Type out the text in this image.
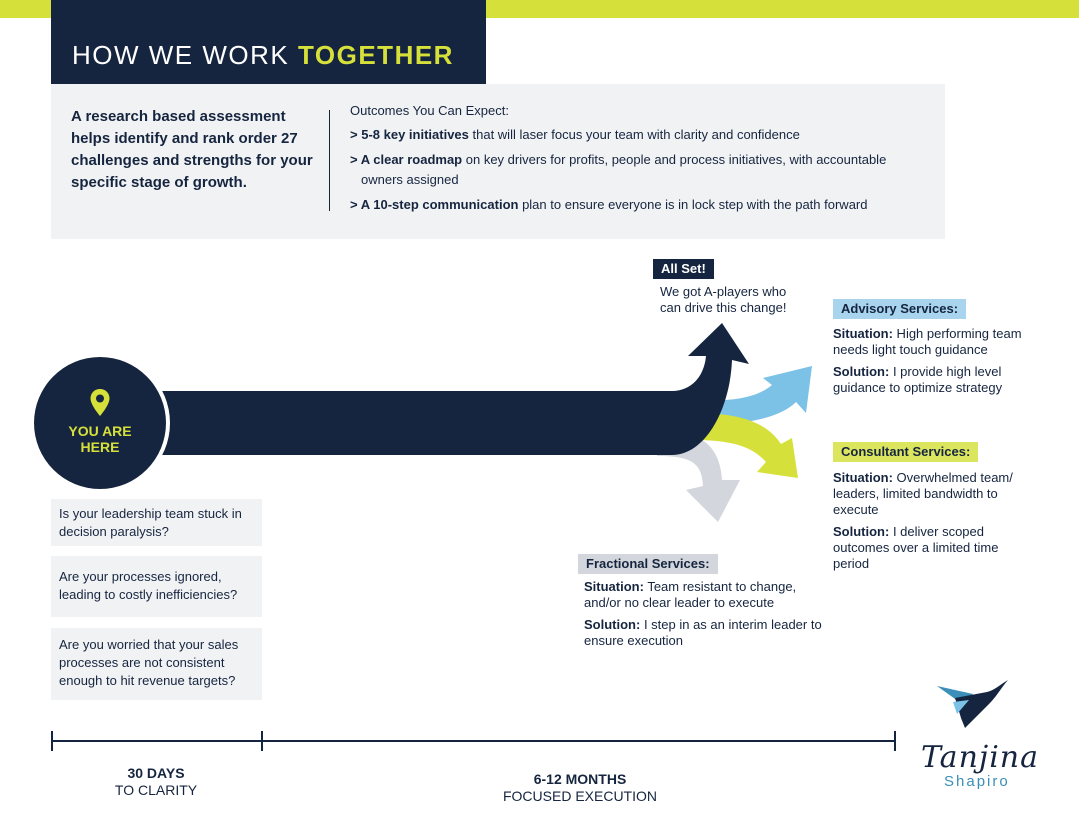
HOW WE WORK TOGETHER
A research based assessment helps identify and rank order 27 challenges and strengths for your specific stage of growth.
Outcomes You Can Expect:
> 5-8 key initiatives that will laser focus your team with clarity and confidence
> A clear roadmap on key drivers for profits, people and process initiatives, with accountable owners assigned
> A 10-step communication plan to ensure everyone is in lock step with the path forward
YOU ARE
HERE
Is your leadership team stuck in decision paralysis?
Are your processes ignored, leading to costly inefficiencies?
Are you worried that your sales processes are not consistent enough to hit revenue targets?
All Set!
We got A-players who can drive this change!	Advisory Services:

Situation: High performing team needs light touch guidance

Solution: I provide high level guidance to optimize strategy

Consultant Services:

Situation: Overwhelmed team/ leaders, limited bandwidth to execute

Solution: I deliver scoped outcomes over a limited time period

Fractional Services:

Situation: Team resistant to change, and/or no clear leader to execute

Solution: I step in as an interim leader to ensure execution

30 DAYS
TO CLARITY
6-12 MONTHS
FOCUSED EXECUTION
Tanjina
Shapiro
